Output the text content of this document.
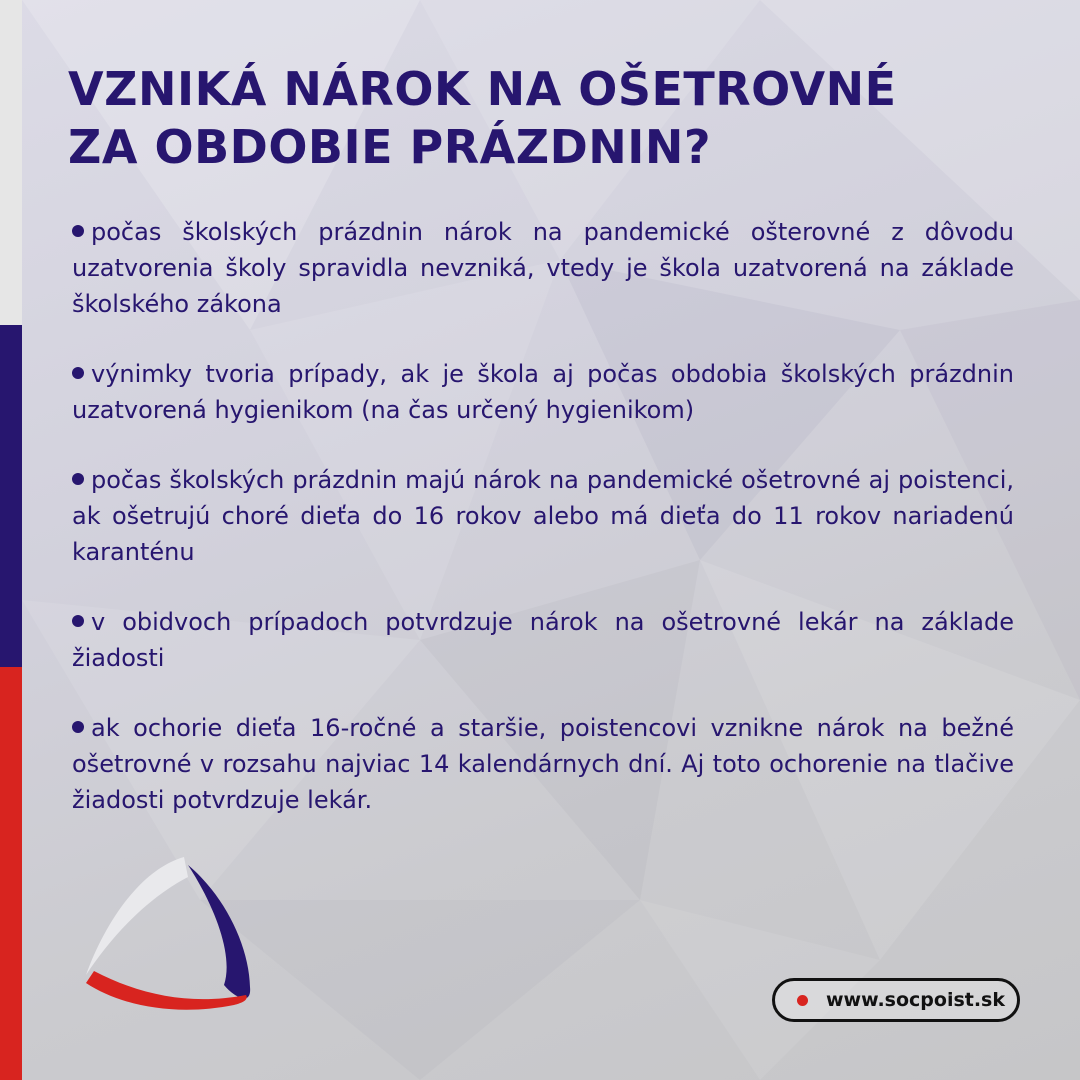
VZNIKÁ NÁROK NA OŠETROVNÉ
ZA OBDOBIE PRÁZDNIN?

počas školských prázdnin nárok na pandemické ošterovné z dôvodu uzatvorenia školy spravidla nevzniká, vtedy je škola uzatvorená na základe školského zákona

výnimky tvoria prípady, ak je škola aj počas obdobia školských prázdnin uzatvorená hygienikom (na čas určený hygienikom)

počas školských prázdnin majú nárok na pandemické ošetrovné aj poistenci, ak ošetrujú choré dieťa do 16 rokov alebo má dieťa do 11 rokov nariadenú karanténu

v obidvoch prípadoch potvrdzuje nárok na ošetrovné lekár na základe žiadosti

ak ochorie dieťa 16-ročné a staršie, poistencovi vznikne nárok na bežné ošetrovné v rozsahu najviac 14 kalendárnych dní. Aj toto ochorenie na tlačive žiadosti potvrdzuje lekár.

www.socpoist.sk
